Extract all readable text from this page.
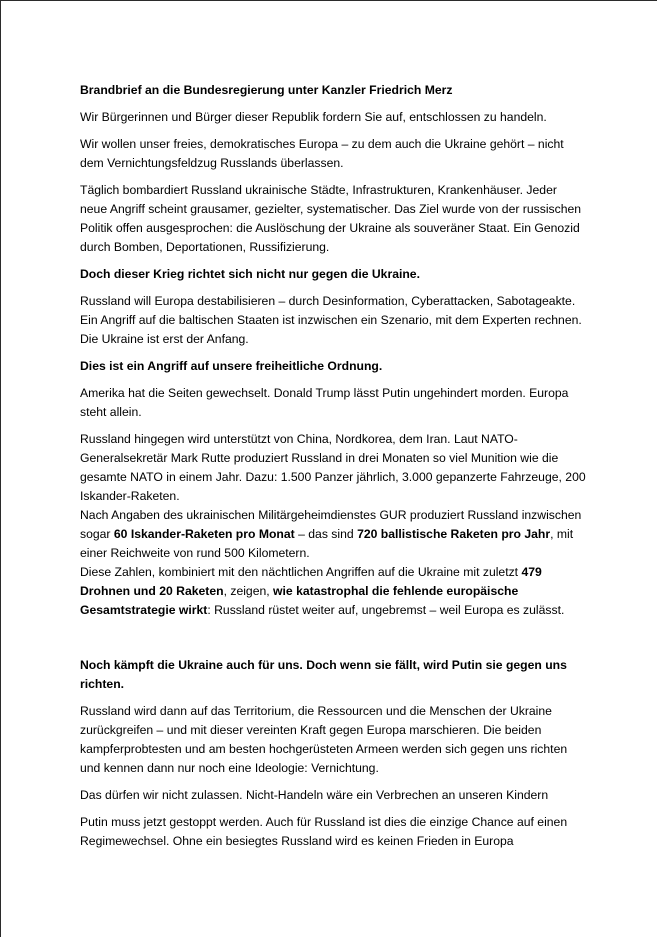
Brandbrief an die Bundesregierung unter Kanzler Friedrich Merz

Wir Bürgerinnen und Bürger dieser Republik fordern Sie auf, entschlossen zu handeln.

Wir wollen unser freies, demokratisches Europa – zu dem auch die Ukraine gehört – nicht dem Vernichtungsfeldzug Russlands überlassen.

Täglich bombardiert Russland ukrainische Städte, Infrastrukturen, Krankenhäuser. Jeder neue Angriff scheint grausamer, gezielter, systematischer. Das Ziel wurde von der russischen Politik offen ausgesprochen: die Auslöschung der Ukraine als souveräner Staat. Ein Genozid durch Bomben, Deportationen, Russifizierung.

Doch dieser Krieg richtet sich nicht nur gegen die Ukraine.

Russland will Europa destabilisieren – durch Desinformation, Cyberattacken, Sabotageakte. Ein Angriff auf die baltischen Staaten ist inzwischen ein Szenario, mit dem Experten rechnen. Die Ukraine ist erst der Anfang.

Dies ist ein Angriff auf unsere freiheitliche Ordnung.

Amerika hat die Seiten gewechselt. Donald Trump lässt Putin ungehindert morden. Europa steht allein.

Russland hingegen wird unterstützt von China, Nordkorea, dem Iran. Laut NATO-Generalsekretär Mark Rutte produziert Russland in drei Monaten so viel Munition wie die gesamte NATO in einem Jahr. Dazu: 1.500 Panzer jährlich, 3.000 gepanzerte Fahrzeuge, 200 Iskander-Raketen.

Nach Angaben des ukrainischen Militärgeheimdienstes GUR produziert Russland inzwischen sogar 60 Iskander-Raketen pro Monat – das sind 720 ballistische Raketen pro Jahr, mit einer Reichweite von rund 500 Kilometern.

Diese Zahlen, kombiniert mit den nächtlichen Angriffen auf die Ukraine mit zuletzt 479 Drohnen und 20 Raketen, zeigen, wie katastrophal die fehlende europäische Gesamtstrategie wirkt: Russland rüstet weiter auf, ungebremst – weil Europa es zulässt.

Noch kämpft die Ukraine auch für uns. Doch wenn sie fällt, wird Putin sie gegen uns richten.

Russland wird dann auf das Territorium, die Ressourcen und die Menschen der Ukraine zurückgreifen – und mit dieser vereinten Kraft gegen Europa marschieren. Die beiden kampferprobtesten und am besten hochgerüsteten Armeen werden sich gegen uns richten und kennen dann nur noch eine Ideologie: Vernichtung.

Das dürfen wir nicht zulassen. Nicht-Handeln wäre ein Verbrechen an unseren Kindern

Putin muss jetzt gestoppt werden. Auch für Russland ist dies die einzige Chance auf einen Regimewechsel. Ohne ein besiegtes Russland wird es keinen Frieden in Europa
